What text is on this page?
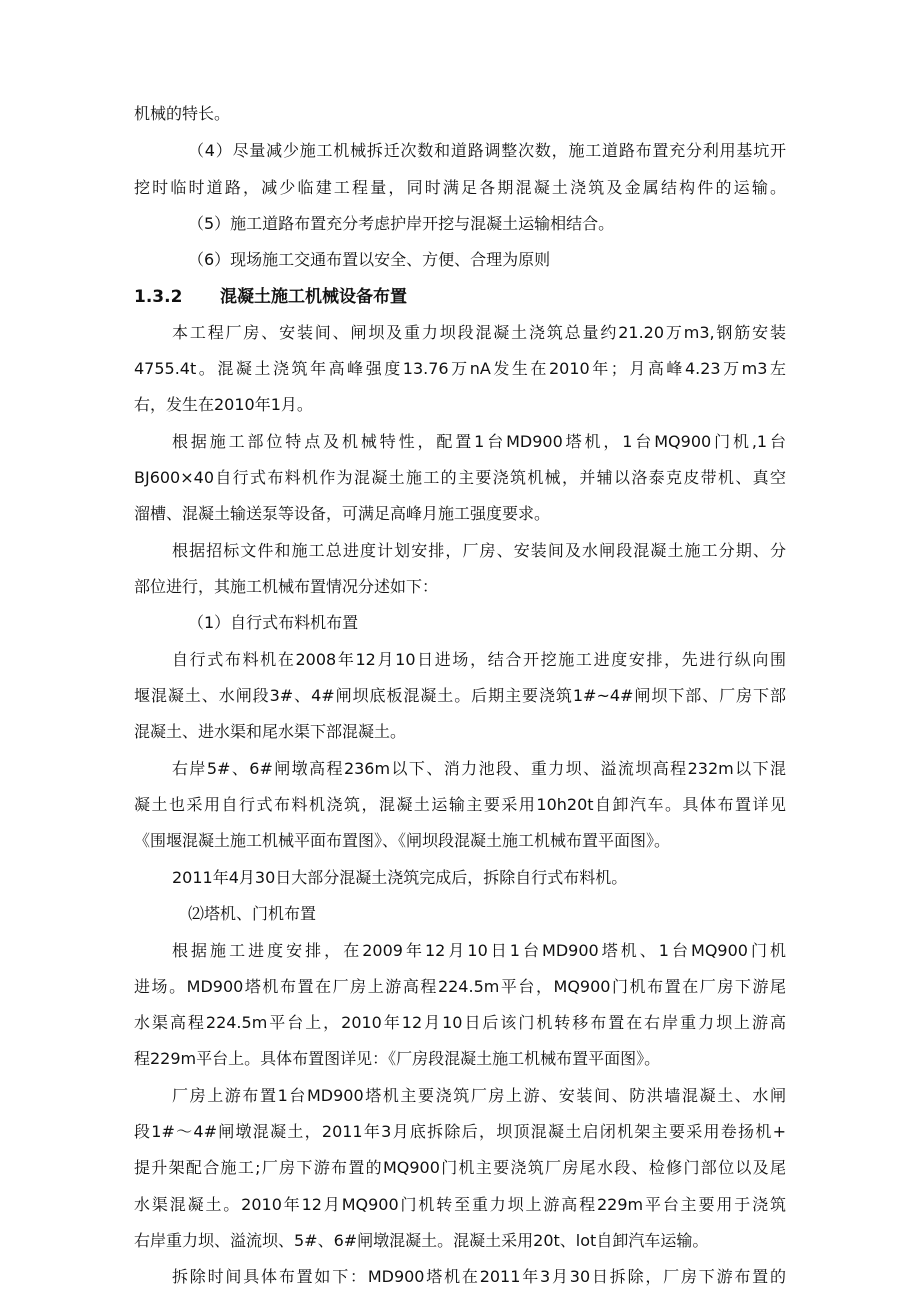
机械的特长。
（4）尽量减少施工机械拆迁次数和道路调整次数，施工道路布置充分利用基坑开
挖时临时道路，减少临建工程量，同时满足各期混凝土浇筑及金属结构件的运输。
（5）施工道路布置充分考虑护岸开挖与混凝土运输相结合。
（6）现场施工交通布置以安全、方便、合理为原则
1.3.2 混凝土施工机械设备布置
本工程厂房、安装间、闸坝及重力坝段混凝土浇筑总量约21.20万m3,钢筋安装
4755.4t。混凝土浇筑年高峰强度13.76万nA发生在2010年；月高峰4.23万m3左
右，发生在2010年1月。
根据施工部位特点及机械特性，配置1台MD900塔机，1台MQ900门机,1台
BJ600×40自行式布料机作为混凝土施工的主要浇筑机械，并辅以洛泰克皮带机、真空
溜槽、混凝土输送泵等设备，可满足高峰月施工强度要求。
根据招标文件和施工总进度计划安排，厂房、安装间及水闸段混凝土施工分期、分
部位进行，其施工机械布置情况分述如下：
（1）自行式布料机布置
自行式布料机在2008年12月10日进场，结合开挖施工进度安排，先进行纵向围
堰混凝土、水闸段3#、4#闸坝底板混凝土。后期主要浇筑1#~4#闸坝下部、厂房下部
混凝土、进水渠和尾水渠下部混凝土。
右岸5#、6#闸墩高程236m以下、消力池段、重力坝、溢流坝高程232m以下混
凝土也采用自行式布料机浇筑，混凝土运输主要采用10h20t自卸汽车。具体布置详见
《围堰混凝土施工机械平面布置图》、《闸坝段混凝土施工机械布置平面图》。
2011年4月30日大部分混凝土浇筑完成后，拆除自行式布料机。
⑵塔机、门机布置
根据施工进度安排，在2009年12月10日1台MD900塔机、1台MQ900门机
进场。MD900塔机布置在厂房上游高程224.5m平台，MQ900门机布置在厂房下游尾
水渠高程224.5m平台上，2010年12月10日后该门机转移布置在右岸重力坝上游高
程229m平台上。具体布置图详见：《厂房段混凝土施工机械布置平面图》。
厂房上游布置1台MD900塔机主要浇筑厂房上游、安装间、防洪墙混凝土、水闸
段1#～4#闸墩混凝土，2011年3月底拆除后，坝顶混凝土启闭机架主要采用卷扬机+
提升架配合施工;厂房下游布置的MQ900门机主要浇筑厂房尾水段、检修门部位以及尾
水渠混凝土。2010年12月MQ900门机转至重力坝上游高程229m平台主要用于浇筑
右岸重力坝、溢流坝、5#、6#闸墩混凝土。混凝土采用20t、lot自卸汽车运输。
拆除时间具体布置如下：MD900塔机在2011年3月30日拆除，厂房下游布置的
